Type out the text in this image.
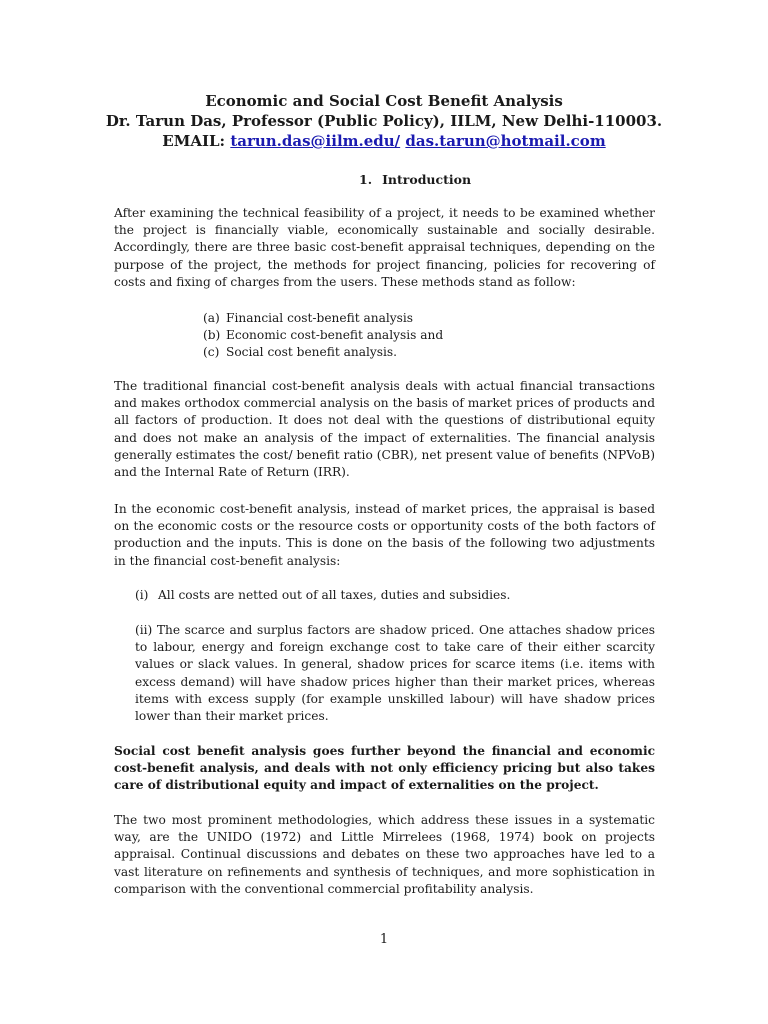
Economic and Social Cost Benefit Analysis
Dr. Tarun Das, Professor (Public Policy), IILM, New Delhi-110003.
EMAIL: tarun.das@iilm.edu/ das.tarun@hotmail.com
1. Introduction

After examining the technical feasibility of a project, it needs to be examined whether the project is financially viable, economically sustainable and socially desirable. Accordingly, there are three basic cost-benefit appraisal techniques, depending on the purpose of the project, the methods for project financing, policies for recovering of costs and fixing of charges from the users. These methods stand as follow:

(a) Financial cost-benefit analysis
(b) Economic cost-benefit analysis and
(c) Social cost benefit analysis.

The traditional financial cost-benefit analysis deals with actual financial transactions and makes orthodox commercial analysis on the basis of market prices of products and all factors of production. It does not deal with the questions of distributional equity and does not make an analysis of the impact of externalities. The financial analysis generally estimates the cost/ benefit ratio (CBR), net present value of benefits (NPVoB) and the Internal Rate of Return (IRR).

In the economic cost-benefit analysis, instead of market prices, the appraisal is based on the economic costs or the resource costs or opportunity costs of the both factors of production and the inputs. This is done on the basis of the following two adjustments in the financial cost-benefit analysis:

(i) All costs are netted out of all taxes, duties and subsidies.

(ii) The scarce and surplus factors are shadow priced. One attaches shadow prices to labour, energy and foreign exchange cost to take care of their either scarcity values or slack values. In general, shadow prices for scarce items (i.e. items with excess demand) will have shadow prices higher than their market prices, whereas items with excess supply (for example unskilled labour) will have shadow prices lower than their market prices.

Social cost benefit analysis goes further beyond the financial and economic cost-benefit analysis, and deals with not only efficiency pricing but also takes care of distributional equity and impact of externalities on the project.

The two most prominent methodologies, which address these issues in a systematic way, are the UNIDO (1972) and Little Mirrelees (1968, 1974) book on projects appraisal. Continual discussions and debates on these two approaches have led to a vast literature on refinements and synthesis of techniques, and more sophistication in comparison with the conventional commercial profitability analysis.

1
